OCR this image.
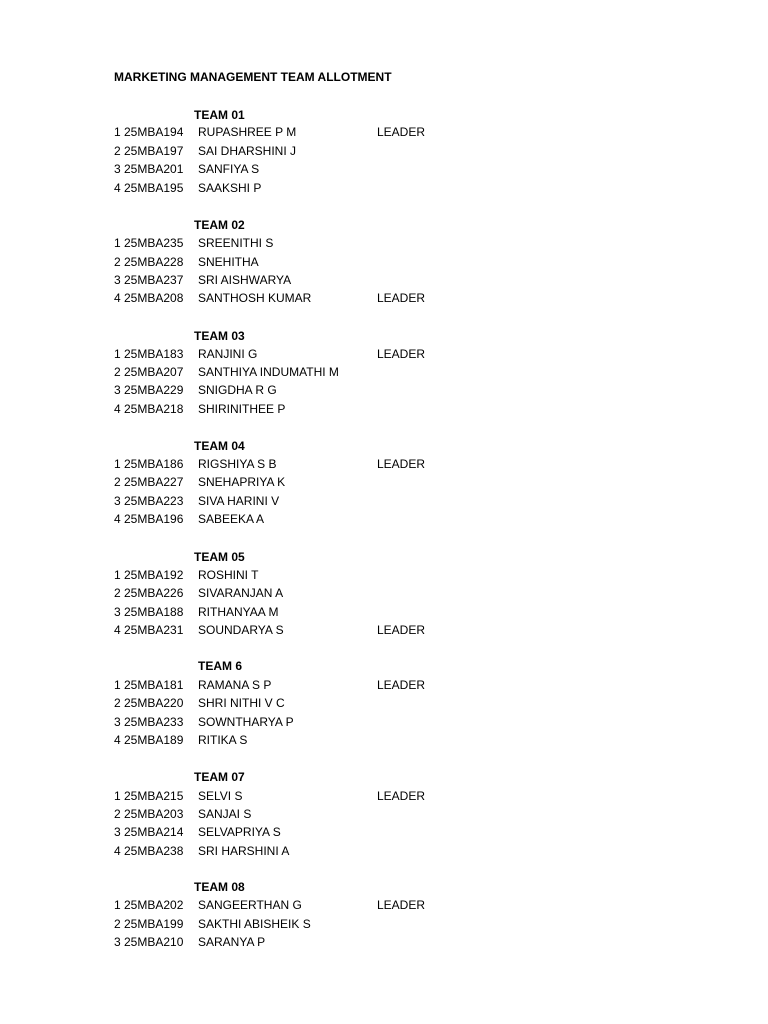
MARKETING MANAGEMENT TEAM ALLOTMENT
TEAM 01
1 25MBA194 RUPASHREE P M	LEADER
2 25MBA197 SAI DHARSHINI J
3 25MBA201 SANFIYA S
4 25MBA195 SAAKSHI P
TEAM 02
1 25MBA235 SREENITHI S
2 25MBA228 SNEHITHA
3 25MBA237 SRI AISHWARYA
4 25MBA208 SANTHOSH KUMAR	LEADER
TEAM 03
1 25MBA183 RANJINI G	LEADER
2 25MBA207 SANTHIYA INDUMATHI M
3 25MBA229 SNIGDHA R G
4 25MBA218 SHIRINITHEE P
TEAM 04
1 25MBA186 RIGSHIYA S B	LEADER
2 25MBA227 SNEHAPRIYA K
3 25MBA223 SIVA HARINI V
4 25MBA196 SABEEKA A
TEAM 05
1 25MBA192 ROSHINI T
2 25MBA226 SIVARANJAN A
3 25MBA188 RITHANYAA M
4 25MBA231 SOUNDARYA S	LEADER
TEAM 6
1 25MBA181 RAMANA S P	LEADER
2 25MBA220 SHRI NITHI V C
3 25MBA233 SOWNTHARYA P
4 25MBA189 RITIKA S
TEAM 07
1 25MBA215 SELVI S	LEADER
2 25MBA203 SANJAI S
3 25MBA214 SELVAPRIYA S
4 25MBA238 SRI HARSHINI A
TEAM 08
1 25MBA202 SANGEERTHAN G	LEADER
2 25MBA199 SAKTHI ABISHEIK S
3 25MBA210 SARANYA P
